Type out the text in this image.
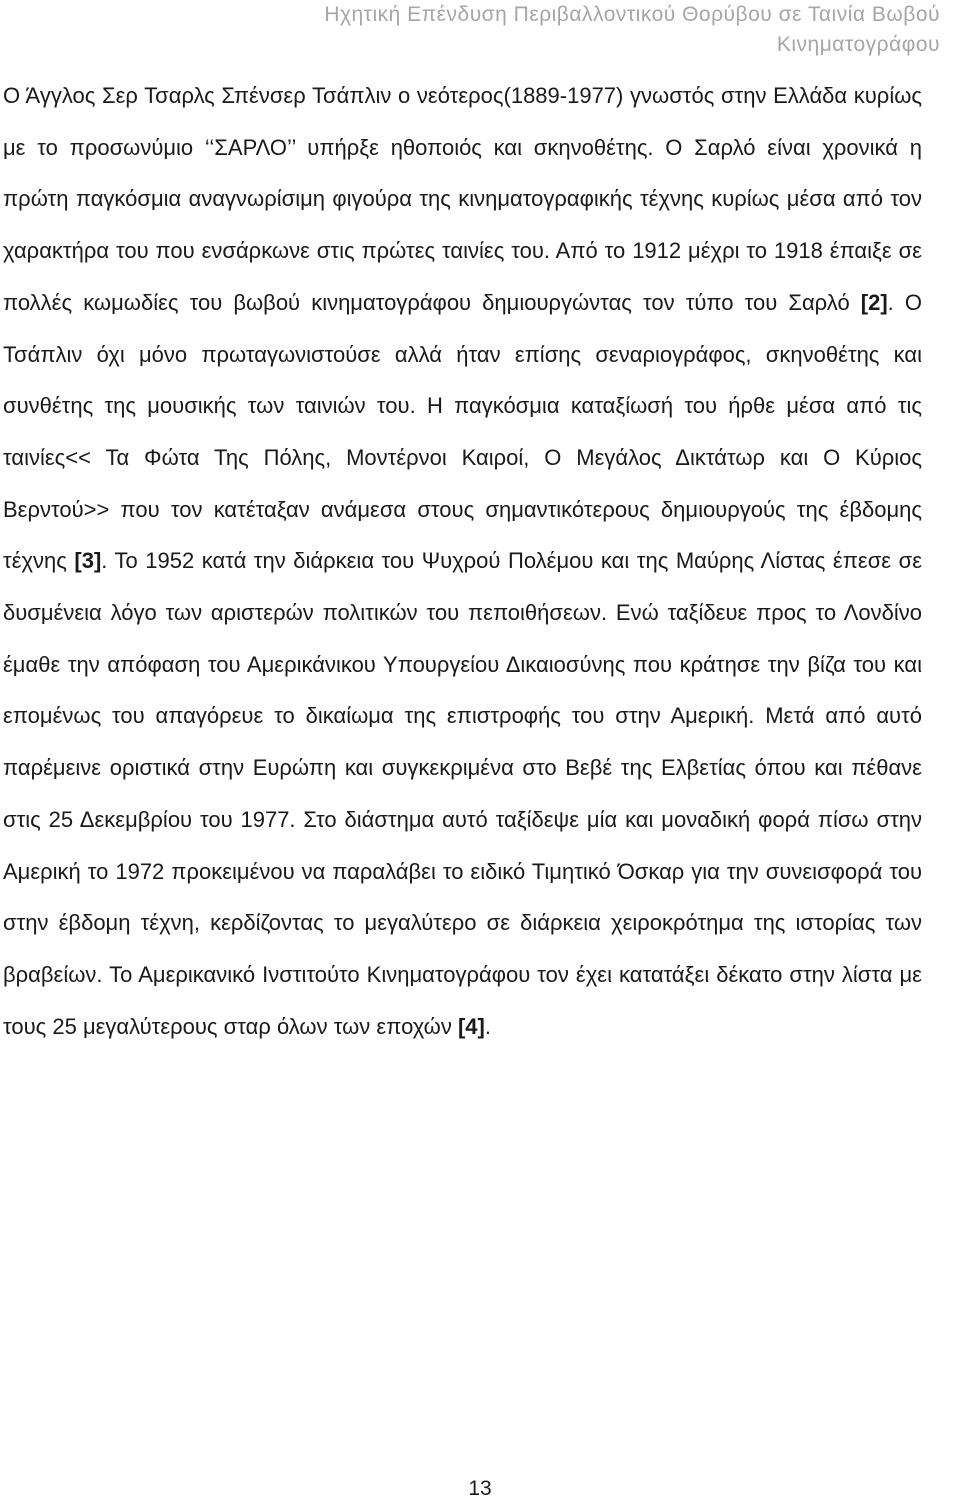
Ηχητική Επένδυση Περιβαλλοντικού Θορύβου σε Ταινία Βωβού
Κινηματογράφου

Ο Άγγλος Σερ Τσαρλς Σπένσερ Τσάπλιν ο νεότερος(1889-1977) γνωστός στην Ελλάδα κυρίως με το προσωνύμιο ‘‘ΣΑΡΛΟ’’ υπήρξε ηθοποιός και σκηνοθέτης. Ο Σαρλό είναι χρονικά η πρώτη παγκόσμια αναγνωρίσιμη φιγούρα της κινηματογραφικής τέχνης κυρίως μέσα από τον χαρακτήρα του που ενσάρκωνε στις πρώτες ταινίες του. Από το 1912 μέχρι το 1918 έπαιξε σε πολλές κωμωδίες του βωβού κινηματογράφου δημιουργώντας τον τύπο του Σαρλό [2]. Ο Τσάπλιν όχι μόνο πρωταγωνιστούσε αλλά ήταν επίσης σεναριογράφος, σκηνοθέτης και συνθέτης της μουσικής των ταινιών του. Η παγκόσμια καταξίωσή του ήρθε μέσα από τις ταινίες<< Τα Φώτα Της Πόλης, Μοντέρνοι Καιροί, Ο Μεγάλος Δικτάτωρ και Ο Κύριος Βερντού>> που τον κατέταξαν ανάμεσα στους σημαντικότερους δημιουργούς της έβδομης τέχνης [3]. Το 1952 κατά την διάρκεια του Ψυχρού Πολέμου και της Μαύρης Λίστας έπεσε σε δυσμένεια λόγο των αριστερών πολιτικών του πεποιθήσεων. Ενώ ταξίδευε προς το Λονδίνο έμαθε την απόφαση του Αμερικάνικου Υπουργείου Δικαιοσύνης που κράτησε την βίζα του και επομένως του απαγόρευε το δικαίωμα της επιστροφής του στην Αμερική. Μετά από αυτό παρέμεινε οριστικά στην Ευρώπη και συγκεκριμένα στο Βεβέ της Ελβετίας όπου και πέθανε στις 25 Δεκεμβρίου του 1977. Στο διάστημα αυτό ταξίδεψε μία και μοναδική φορά πίσω στην Αμερική το 1972 προκειμένου να παραλάβει το ειδικό Τιμητικό Όσκαρ για την συνεισφορά του στην έβδομη τέχνη, κερδίζοντας το μεγαλύτερο σε διάρκεια χειροκρότημα της ιστορίας των βραβείων. Το Αμερικανικό Ινστιτούτο Κινηματογράφου τον έχει κατατάξει δέκατο στην λίστα με τους 25 μεγαλύτερους σταρ όλων των εποχών [4].

13
